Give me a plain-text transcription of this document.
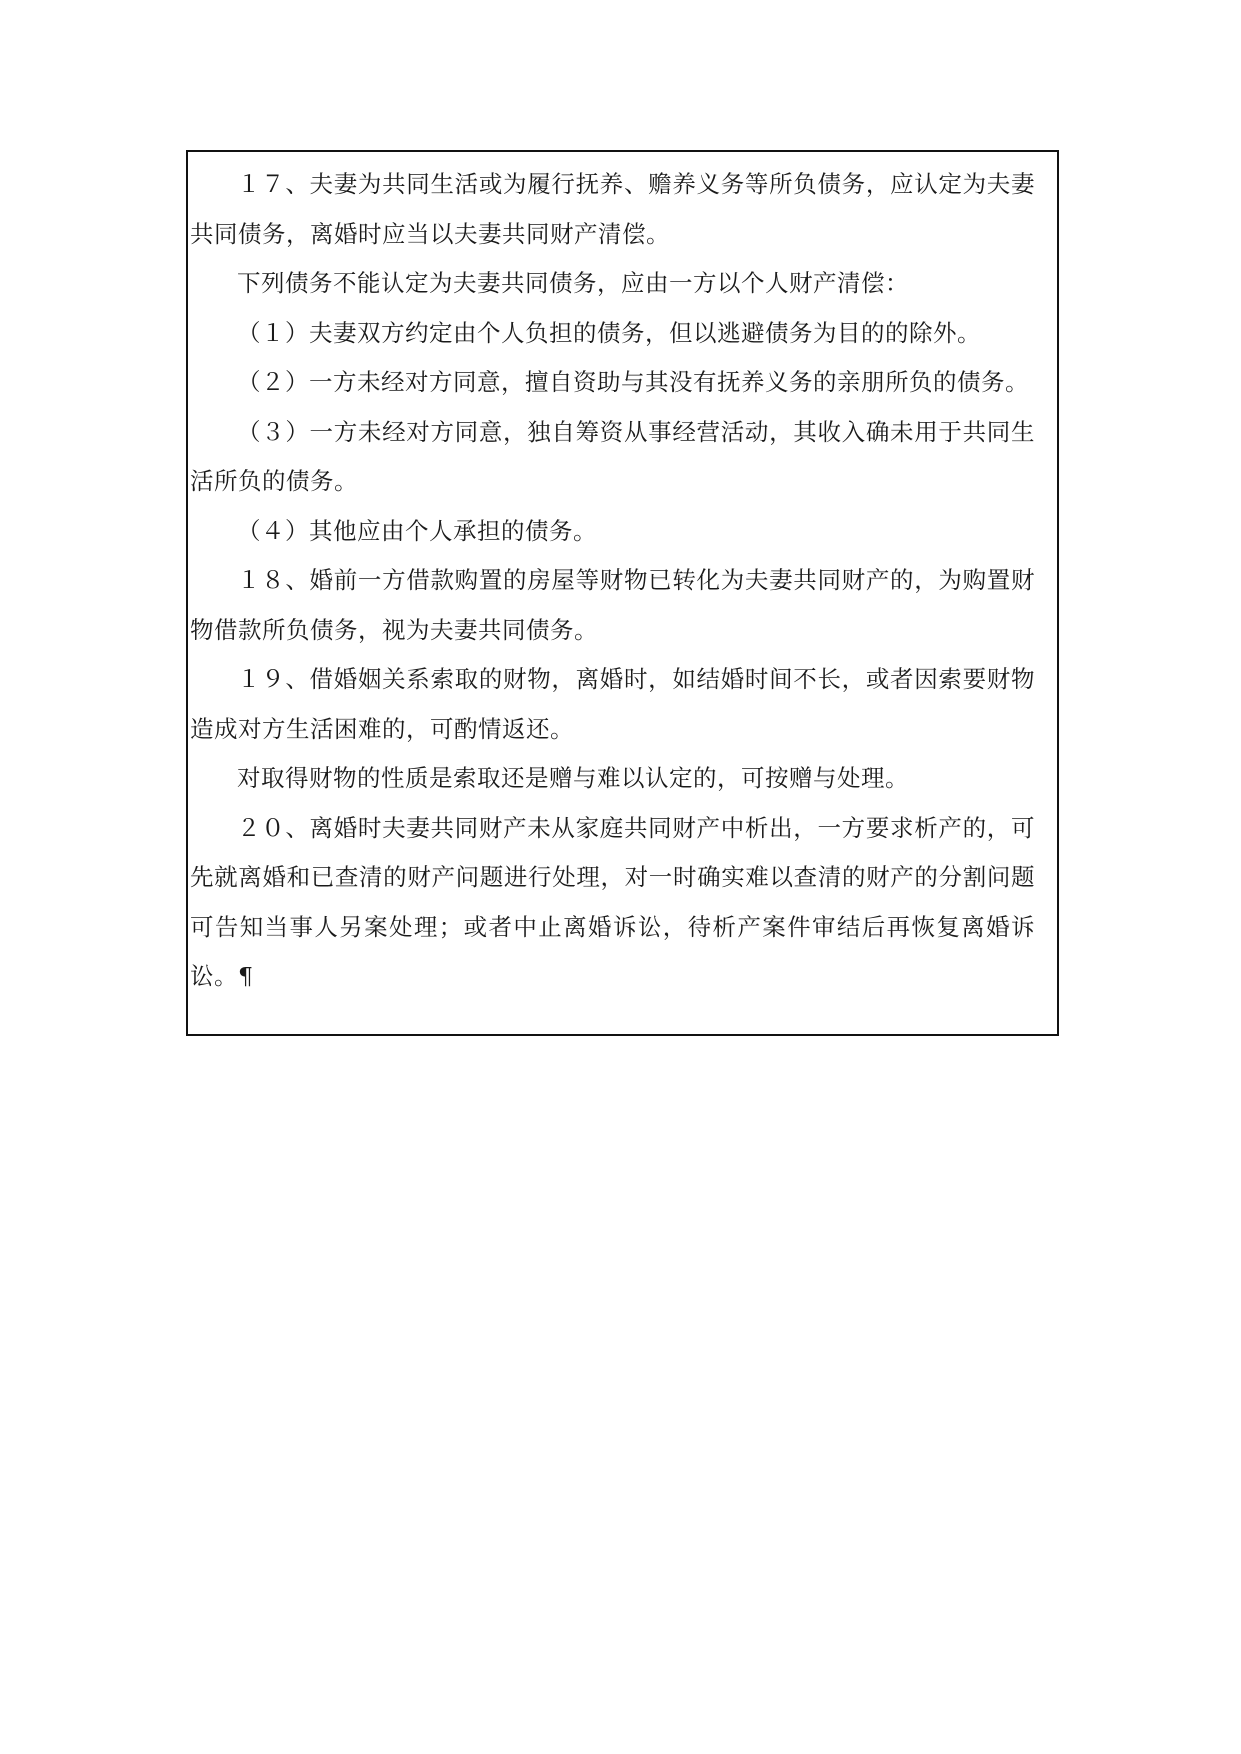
１７、夫妻为共同生活或为履行抚养、赡养义务等所负债务，应认定为夫妻共同债务，离婚时应当以夫妻共同财产清偿。

下列债务不能认定为夫妻共同债务，应由一方以个人财产清偿：

（１）夫妻双方约定由个人负担的债务，但以逃避债务为目的的除外。

（２）一方未经对方同意，擅自资助与其没有抚养义务的亲朋所负的债务。

（３）一方未经对方同意，独自筹资从事经营活动，其收入确未用于共同生活所负的债务。

（４）其他应由个人承担的债务。

１８、婚前一方借款购置的房屋等财物已转化为夫妻共同财产的，为购置财物借款所负债务，视为夫妻共同债务。

１９、借婚姻关系索取的财物，离婚时，如结婚时间不长，或者因索要财物造成对方生活困难的，可酌情返还。

对取得财物的性质是索取还是赠与难以认定的，可按赠与处理。

２０、离婚时夫妻共同财产未从家庭共同财产中析出，一方要求析产的，可先就离婚和已查清的财产问题进行处理，对一时确实难以查清的财产的分割问题可告知当事人另案处理；或者中止离婚诉讼，待析产案件审结后再恢复离婚诉讼。¶
